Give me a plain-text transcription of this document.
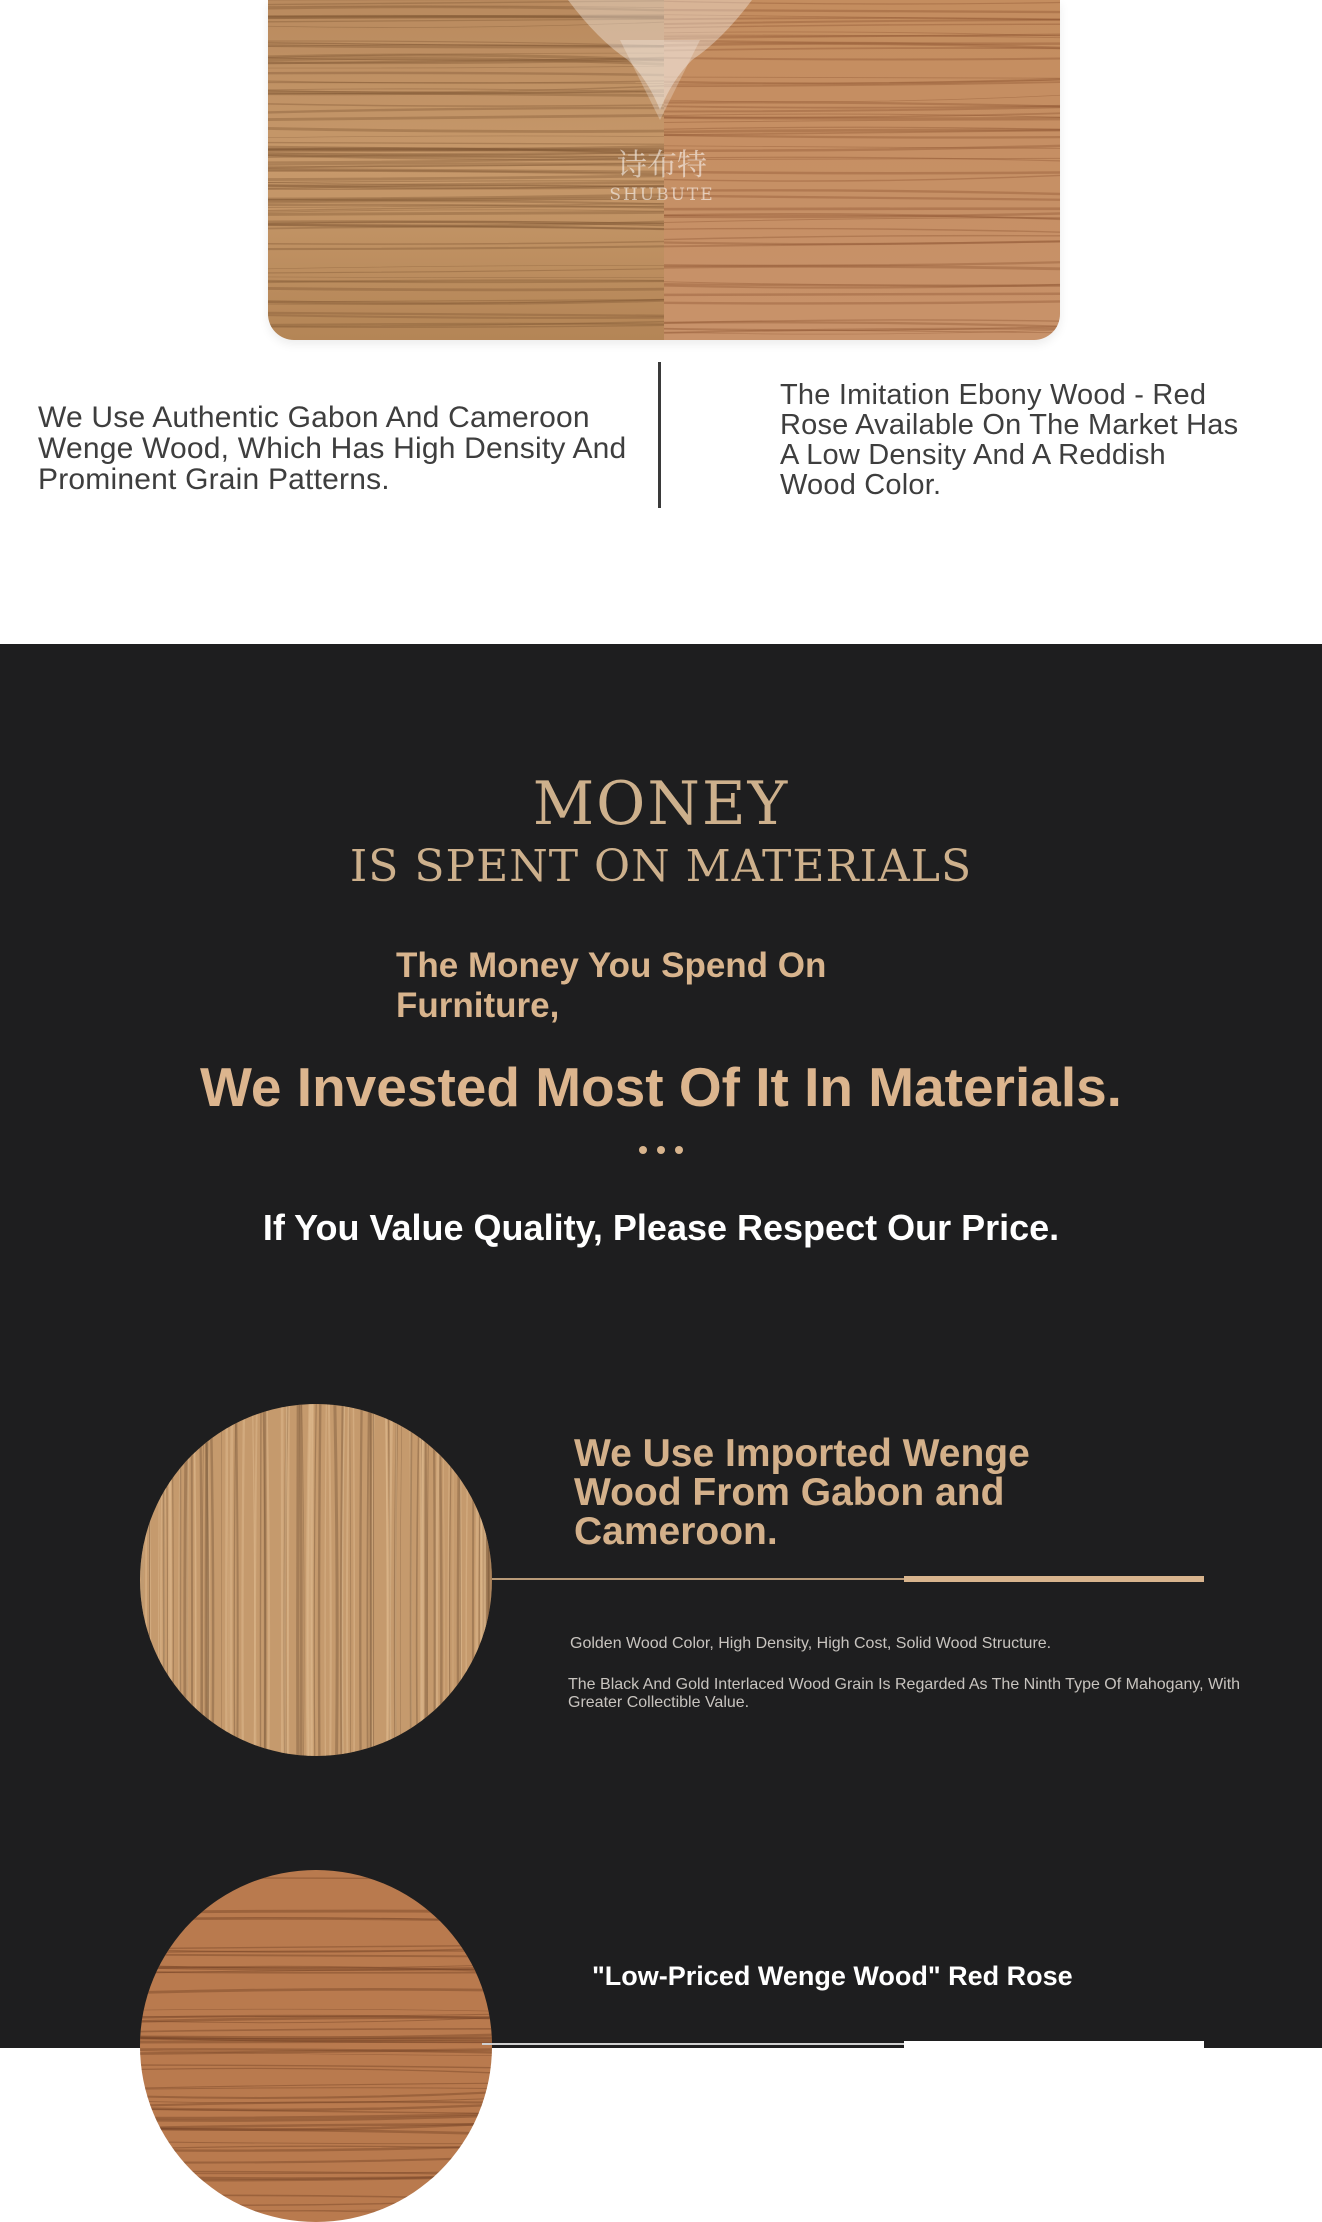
诗布特
SHUBUTE
We Use Authentic Gabon And Cameroon Wenge Wood, Which Has High Density And Prominent Grain Patterns.
The Imitation Ebony Wood - Red Rose Available On The Market Has A Low Density And A Reddish Wood Color.
MONEY
IS SPENT ON MATERIALS
The Money You Spend On Furniture,
We Invested Most Of It In Materials.
If You Value Quality, Please Respect Our Price.
We Use Imported Wenge Wood From Gabon and Cameroon.
Golden Wood Color, High Density, High Cost, Solid Wood Structure.
The Black And Gold Interlaced Wood Grain Is Regarded As The Ninth Type Of Mahogany, With Greater Collectible Value.
"Low-Priced Wenge Wood" Red Rose
